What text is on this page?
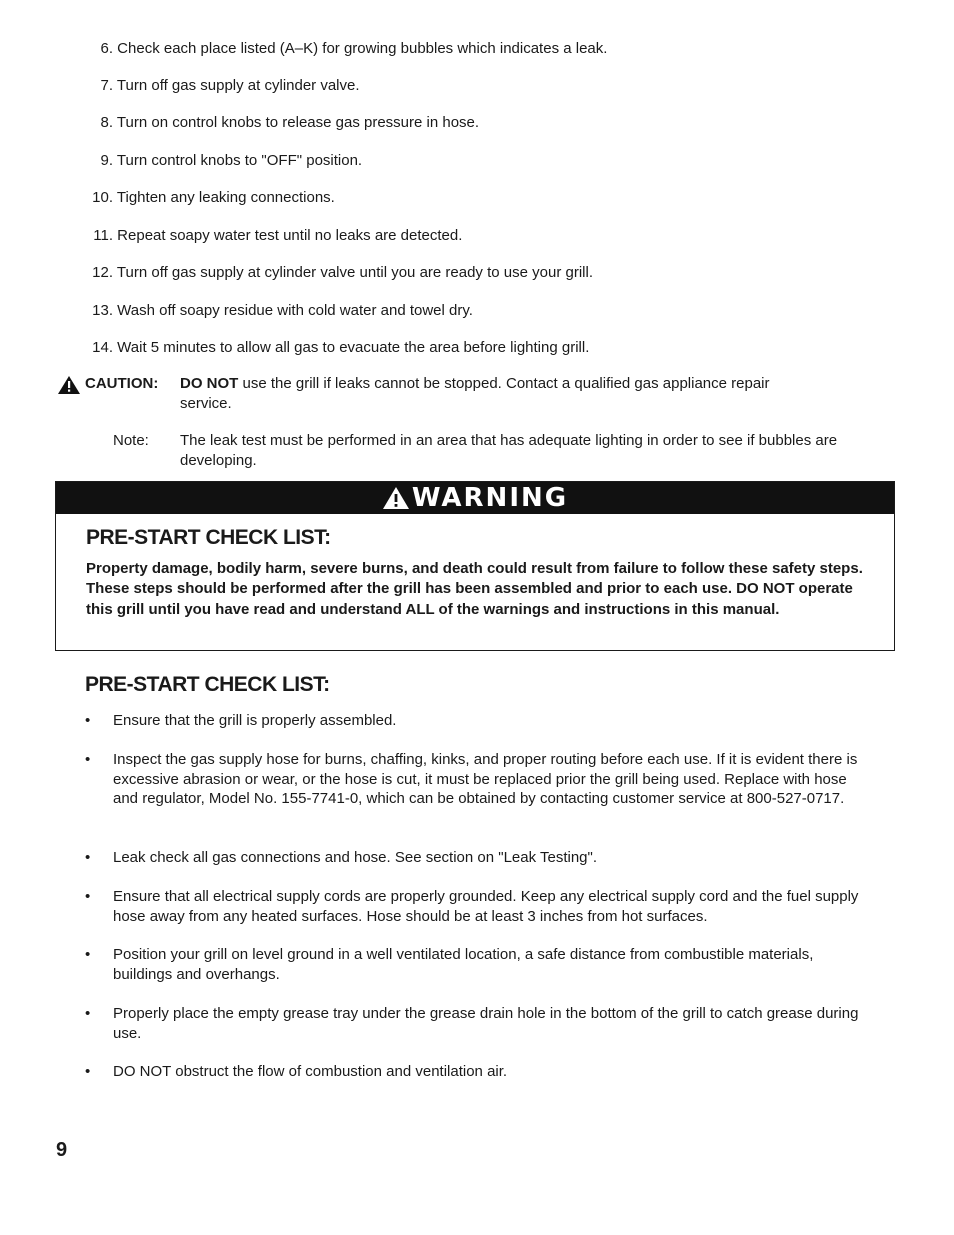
6. Check each place listed (A–K) for growing bubbles which indicates a leak.
7. Turn off gas supply at cylinder valve.
8. Turn on control knobs to release gas pressure in hose.
9. Turn control knobs to "OFF" position.
10. Tighten any leaking connections.
11. Repeat soapy water test until no leaks are detected.
12. Turn off gas supply at cylinder valve until you are ready to use your grill.
13. Wash off soapy residue with cold water and towel dry.
14. Wait 5 minutes to allow all gas to evacuate the area before lighting grill.
CAUTION: DO NOT use the grill if leaks cannot be stopped. Contact a qualified gas appliance repair service.
Note: The leak test must be performed in an area that has adequate lighting in order to see if bubbles are developing.
WARNING
PRE-START CHECK LIST:
Property damage, bodily harm, severe burns, and death could result from failure to follow these safety steps. These steps should be performed after the grill has been assembled and prior to each use. DO NOT operate this grill until you have read and understand ALL of the warnings and instructions in this manual.
PRE-START CHECK LIST:
• Ensure that the grill is properly assembled.
• Inspect the gas supply hose for burns, chaffing, kinks, and proper routing before each use. If it is evident there is excessive abrasion or wear, or the hose is cut, it must be replaced prior the grill being used. Replace with hose and regulator, Model No. 155-7741-0, which can be obtained by contacting customer service at 800-527-0717.
• Leak check all gas connections and hose. See section on "Leak Testing".
• Ensure that all electrical supply cords are properly grounded. Keep any electrical supply cord and the fuel supply hose away from any heated surfaces. Hose should be at least 3 inches from hot surfaces.
• Position your grill on level ground in a well ventilated location, a safe distance from combustible materials, buildings and overhangs.
• Properly place the empty grease tray under the grease drain hole in the bottom of the grill to catch grease during use.
• DO NOT obstruct the flow of combustion and ventilation air.
9
